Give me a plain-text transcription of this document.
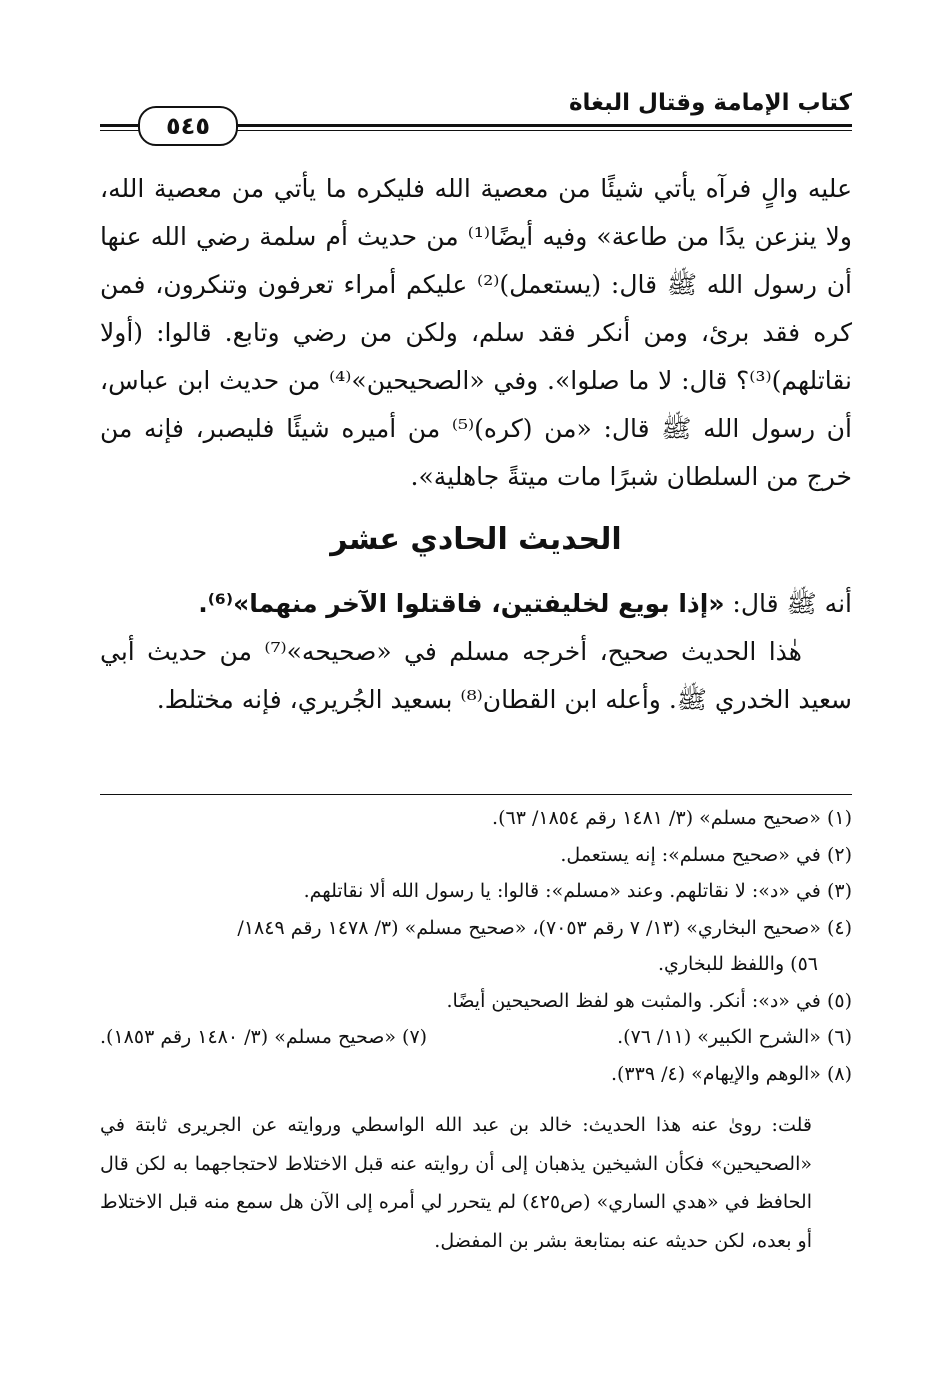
كتاب الإمامة وقتال البغاة
٥٤٥

عليه والٍ فرآه يأتي شيئًا من معصية الله فليكره ما يأتي من معصية الله، ولا ينزعن يدًا من طاعة» وفيه أيضًا⁽¹⁾ من حديث أم سلمة رضي الله عنها أن رسول الله ﷺ قال: (يستعمل)⁽²⁾ عليكم أمراء تعرفون وتنكرون، فمن كره فقد برئ، ومن أنكر فقد سلم، ولكن من رضي وتابع. قالوا: (أولا نقاتلهم)⁽³⁾؟ قال: لا ما صلوا». وفي «الصحيحين»⁽⁴⁾ من حديث ابن عباس، أن رسول الله ﷺ قال: «من (كره)⁽⁵⁾ من أميره شيئًا فليصبر، فإنه من خرج من السلطان شبرًا مات ميتةً جاهلية».

الحديث الحادي عشر

أنه ﷺ قال: «إذا بويع لخليفتين، فاقتلوا الآخر منهما»⁽⁶⁾.

هٰذا الحديث صحيح، أخرجه مسلم في «صحيحه»⁽⁷⁾ من حديث أبي سعيد الخدري ﷺ. وأعله ابن القطان⁽⁸⁾ بسعيد الجُريري، فإنه مختلط.

(١) «صحيح مسلم» (٣/ ١٤٨١ رقم ١٨٥٤/ ٦٣).

(٢) في «صحيح مسلم»: إنه يستعمل.

(٣) في «د»: لا نقاتلهم. وعند «مسلم»: قالوا: يا رسول الله ألا نقاتلهم.

(٤) «صحيح البخاري» (١٣/ ٧ رقم ٧٠٥٣)، «صحيح مسلم» (٣/ ١٤٧٨ رقم ١٨٤٩/
٥٦) واللفظ للبخاري.

(٥) في «د»: أنكر. والمثبت هو لفظ الصحيحين أيضًا.

(٦) «الشرح الكبير» (١١/ ٧٦).

(٧) «صحيح مسلم» (٣/ ١٤٨٠ رقم ١٨٥٣).

(٨) «الوهم والإيهام» (٤/ ٣٣٩).

قلت: رویٰ عنه هذا الحديث: خالد بن عبد الله الواسطي وروايته عن الجريرى ثابتة في «الصحيحين» فكأن الشيخين يذهبان إلى أن روايته عنه قبل الاختلاط لاحتجاجهما به لكن قال الحافظ في «هدي الساري» (ص٤٢٥) لم يتحرر لي أمره إلى الآن هل سمع منه قبل الاختلاط أو بعده، لكن حديثه عنه بمتابعة بشر بن المفضل.
